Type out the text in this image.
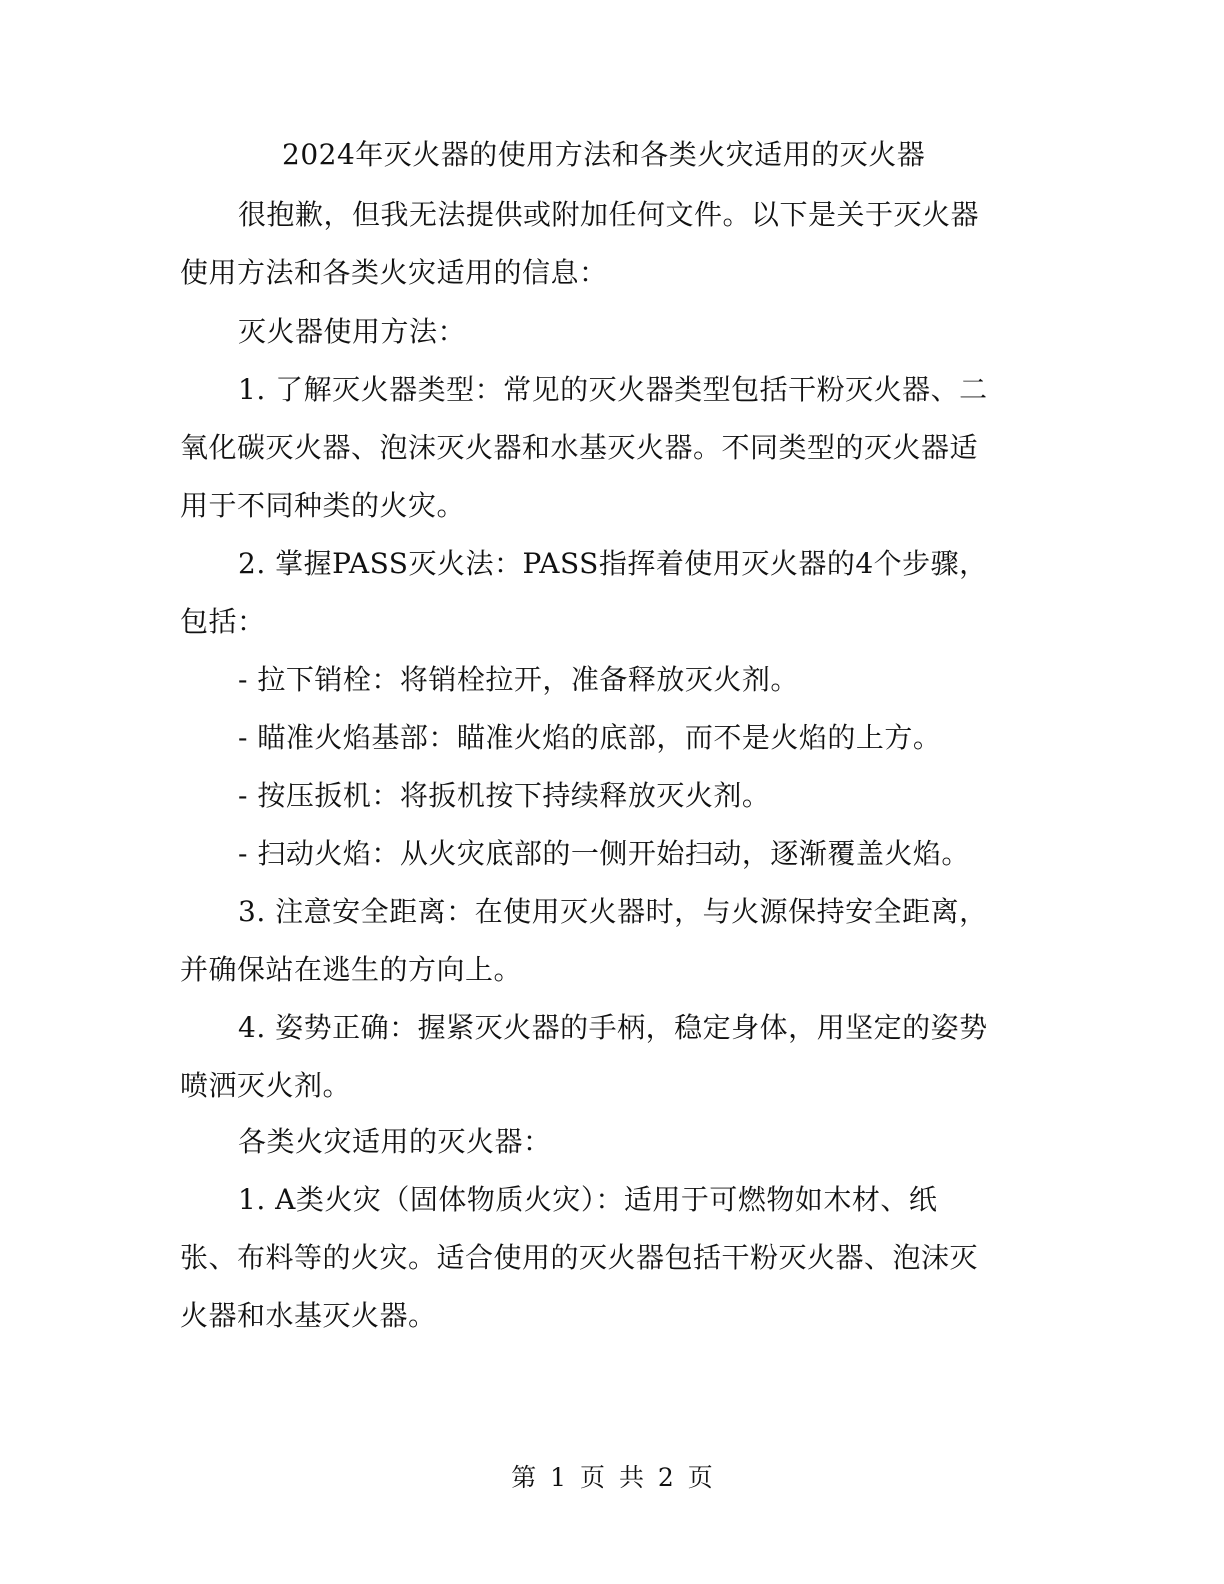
2024年灭火器的使用方法和各类火灾适用的灭火器
很抱歉，但我无法提供或附加任何文件。以下是关于灭火器
使用方法和各类火灾适用的信息：
灭火器使用方法：
1. 了解灭火器类型：常见的灭火器类型包括干粉灭火器、二
氧化碳灭火器、泡沫灭火器和水基灭火器。不同类型的灭火器适
用于不同种类的火灾。
2. 掌握PASS灭火法：PASS指挥着使用灭火器的4个步骤，
包括：
- 拉下销栓：将销栓拉开，准备释放灭火剂。
- 瞄准火焰基部：瞄准火焰的底部，而不是火焰的上方。
- 按压扳机：将扳机按下持续释放灭火剂。
- 扫动火焰：从火灾底部的一侧开始扫动，逐渐覆盖火焰。
3. 注意安全距离：在使用灭火器时，与火源保持安全距离，
并确保站在逃生的方向上。
4. 姿势正确：握紧灭火器的手柄，稳定身体，用坚定的姿势
喷洒灭火剂。
各类火灾适用的灭火器：
1. A类火灾（固体物质火灾）：适用于可燃物如木材、纸
张、布料等的火灾。适合使用的灭火器包括干粉灭火器、泡沫灭
火器和水基灭火器。
第 1 页 共 2 页
